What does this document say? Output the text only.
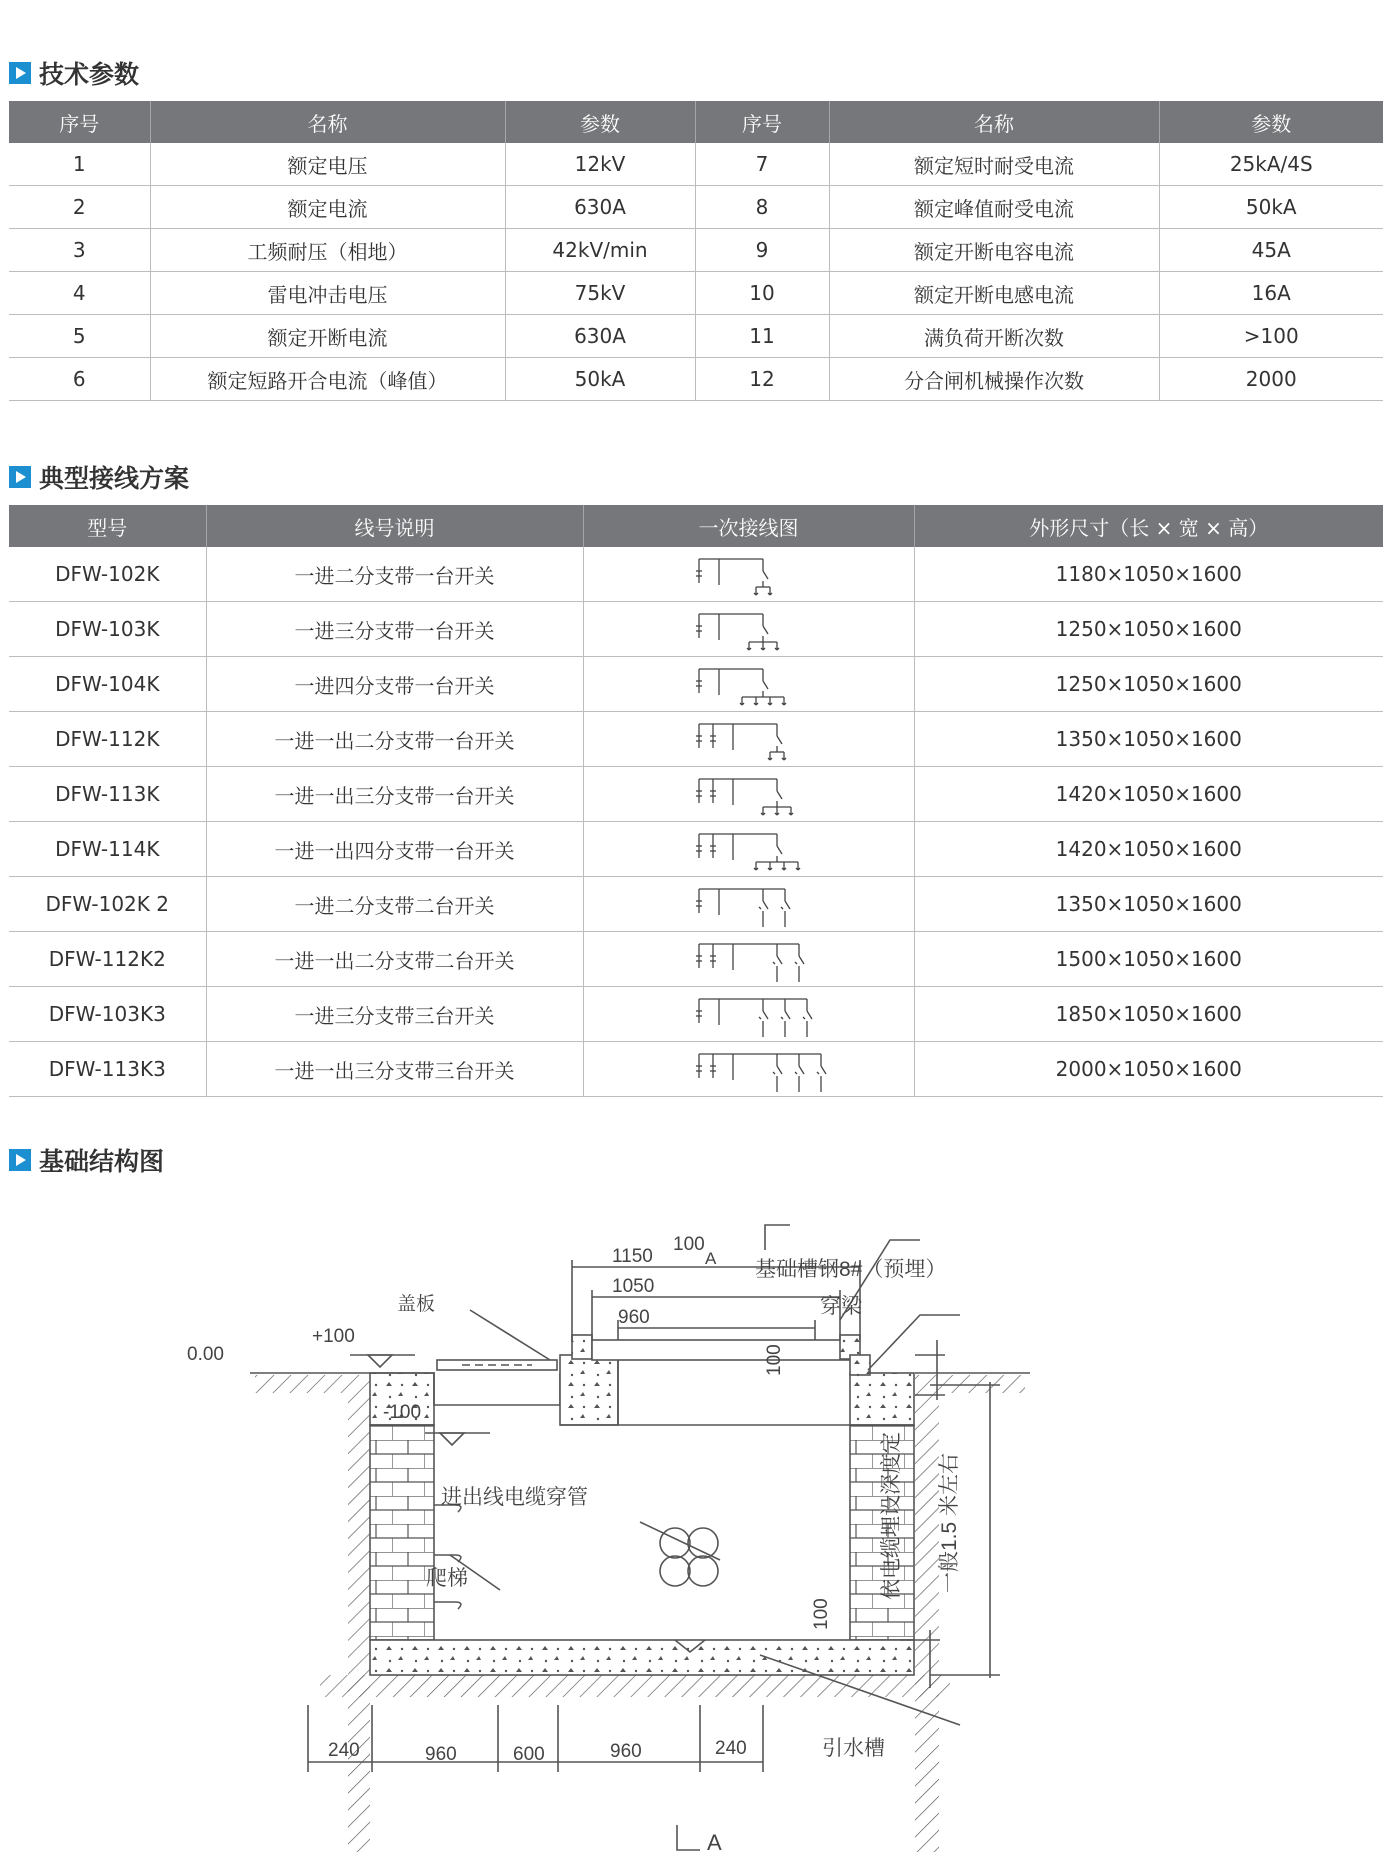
技术参数
序号	名称	参数	序号	名称	参数
1	额定电压	12kV	7	额定短时耐受电流	25kA/4S
2	额定电流	630A	8	额定峰值耐受电流	50kA
3	工频耐压（相地）	42kV/min	9	额定开断电容电流	45A
4	雷电冲击电压	75kV	10	额定开断电感电流	16A
5	额定开断电流	630A	11	满负荷开断次数	>100
6	额定短路开合电流（峰值）	50kA	12	分合闸机械操作次数	2000
典型接线方案
型号	线号说明	一次接线图	外形尺寸（长 × 宽 × 高）
DFW-102K	一进二分支带一台开关		1180×1050×1600
DFW-103K	一进三分支带一台开关		1250×1050×1600
DFW-104K	一进四分支带一台开关		1250×1050×1600
DFW-112K	一进一出二分支带一台开关		1350×1050×1600
DFW-113K	一进一出三分支带一台开关		1420×1050×1600
DFW-114K	一进一出四分支带一台开关		1420×1050×1600
DFW-102K 2	一进二分支带二台开关		1350×1050×1600
DFW-112K2	一进一出二分支带二台开关		1500×1050×1600
DFW-103K3	一进三分支带三台开关		1850×1050×1600
DFW-113K3	一进一出三分支带三台开关		2000×1050×1600
基础结构图
100
A
1150
1050
960
基础槽钢8#（预埋）
盖板	穿梁
+100
0.00
-100
100
进出线电缆穿管
爬梯	依电缆埋设深度定 一般1.5 米左右
100
引水槽
240	960	600	960	240
A
